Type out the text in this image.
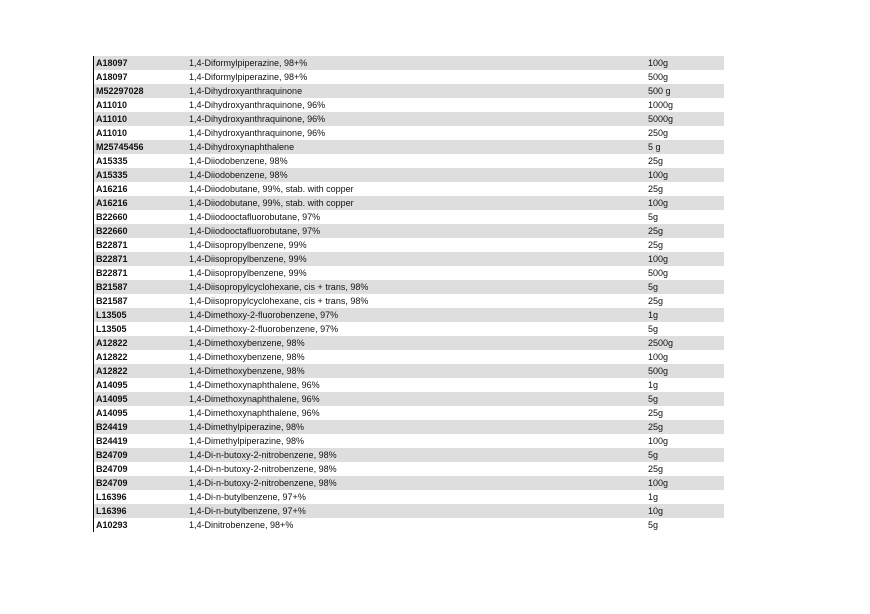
A18097	1,4-Diformylpiperazine, 98+%	100g
A18097	1,4-Diformylpiperazine, 98+%	500g
M52297028	1,4-Dihydroxyanthraquinone	500 g
A11010	1,4-Dihydroxyanthraquinone, 96%	1000g
A11010	1,4-Dihydroxyanthraquinone, 96%	5000g
A11010	1,4-Dihydroxyanthraquinone, 96%	250g
M25745456	1,4-Dihydroxynaphthalene	5 g
A15335	1,4-Diiodobenzene, 98%	25g
A15335	1,4-Diiodobenzene, 98%	100g
A16216	1,4-Diiodobutane, 99%, stab. with copper	25g
A16216	1,4-Diiodobutane, 99%, stab. with copper	100g
B22660	1,4-Diiodooctafluorobutane, 97%	5g
B22660	1,4-Diiodooctafluorobutane, 97%	25g
B22871	1,4-Diisopropylbenzene, 99%	25g
B22871	1,4-Diisopropylbenzene, 99%	100g
B22871	1,4-Diisopropylbenzene, 99%	500g
B21587	1,4-Diisopropylcyclohexane, cis + trans, 98%	5g
B21587	1,4-Diisopropylcyclohexane, cis + trans, 98%	25g
L13505	1,4-Dimethoxy-2-fluorobenzene, 97%	1g
L13505	1,4-Dimethoxy-2-fluorobenzene, 97%	5g
A12822	1,4-Dimethoxybenzene, 98%	2500g
A12822	1,4-Dimethoxybenzene, 98%	100g
A12822	1,4-Dimethoxybenzene, 98%	500g
A14095	1,4-Dimethoxynaphthalene, 96%	1g
A14095	1,4-Dimethoxynaphthalene, 96%	5g
A14095	1,4-Dimethoxynaphthalene, 96%	25g
B24419	1,4-Dimethylpiperazine, 98%	25g
B24419	1,4-Dimethylpiperazine, 98%	100g
B24709	1,4-Di-n-butoxy-2-nitrobenzene, 98%	5g
B24709	1,4-Di-n-butoxy-2-nitrobenzene, 98%	25g
B24709	1,4-Di-n-butoxy-2-nitrobenzene, 98%	100g
L16396	1,4-Di-n-butylbenzene, 97+%	1g
L16396	1,4-Di-n-butylbenzene, 97+%	10g
A10293	1,4-Dinitrobenzene, 98+%	5g
